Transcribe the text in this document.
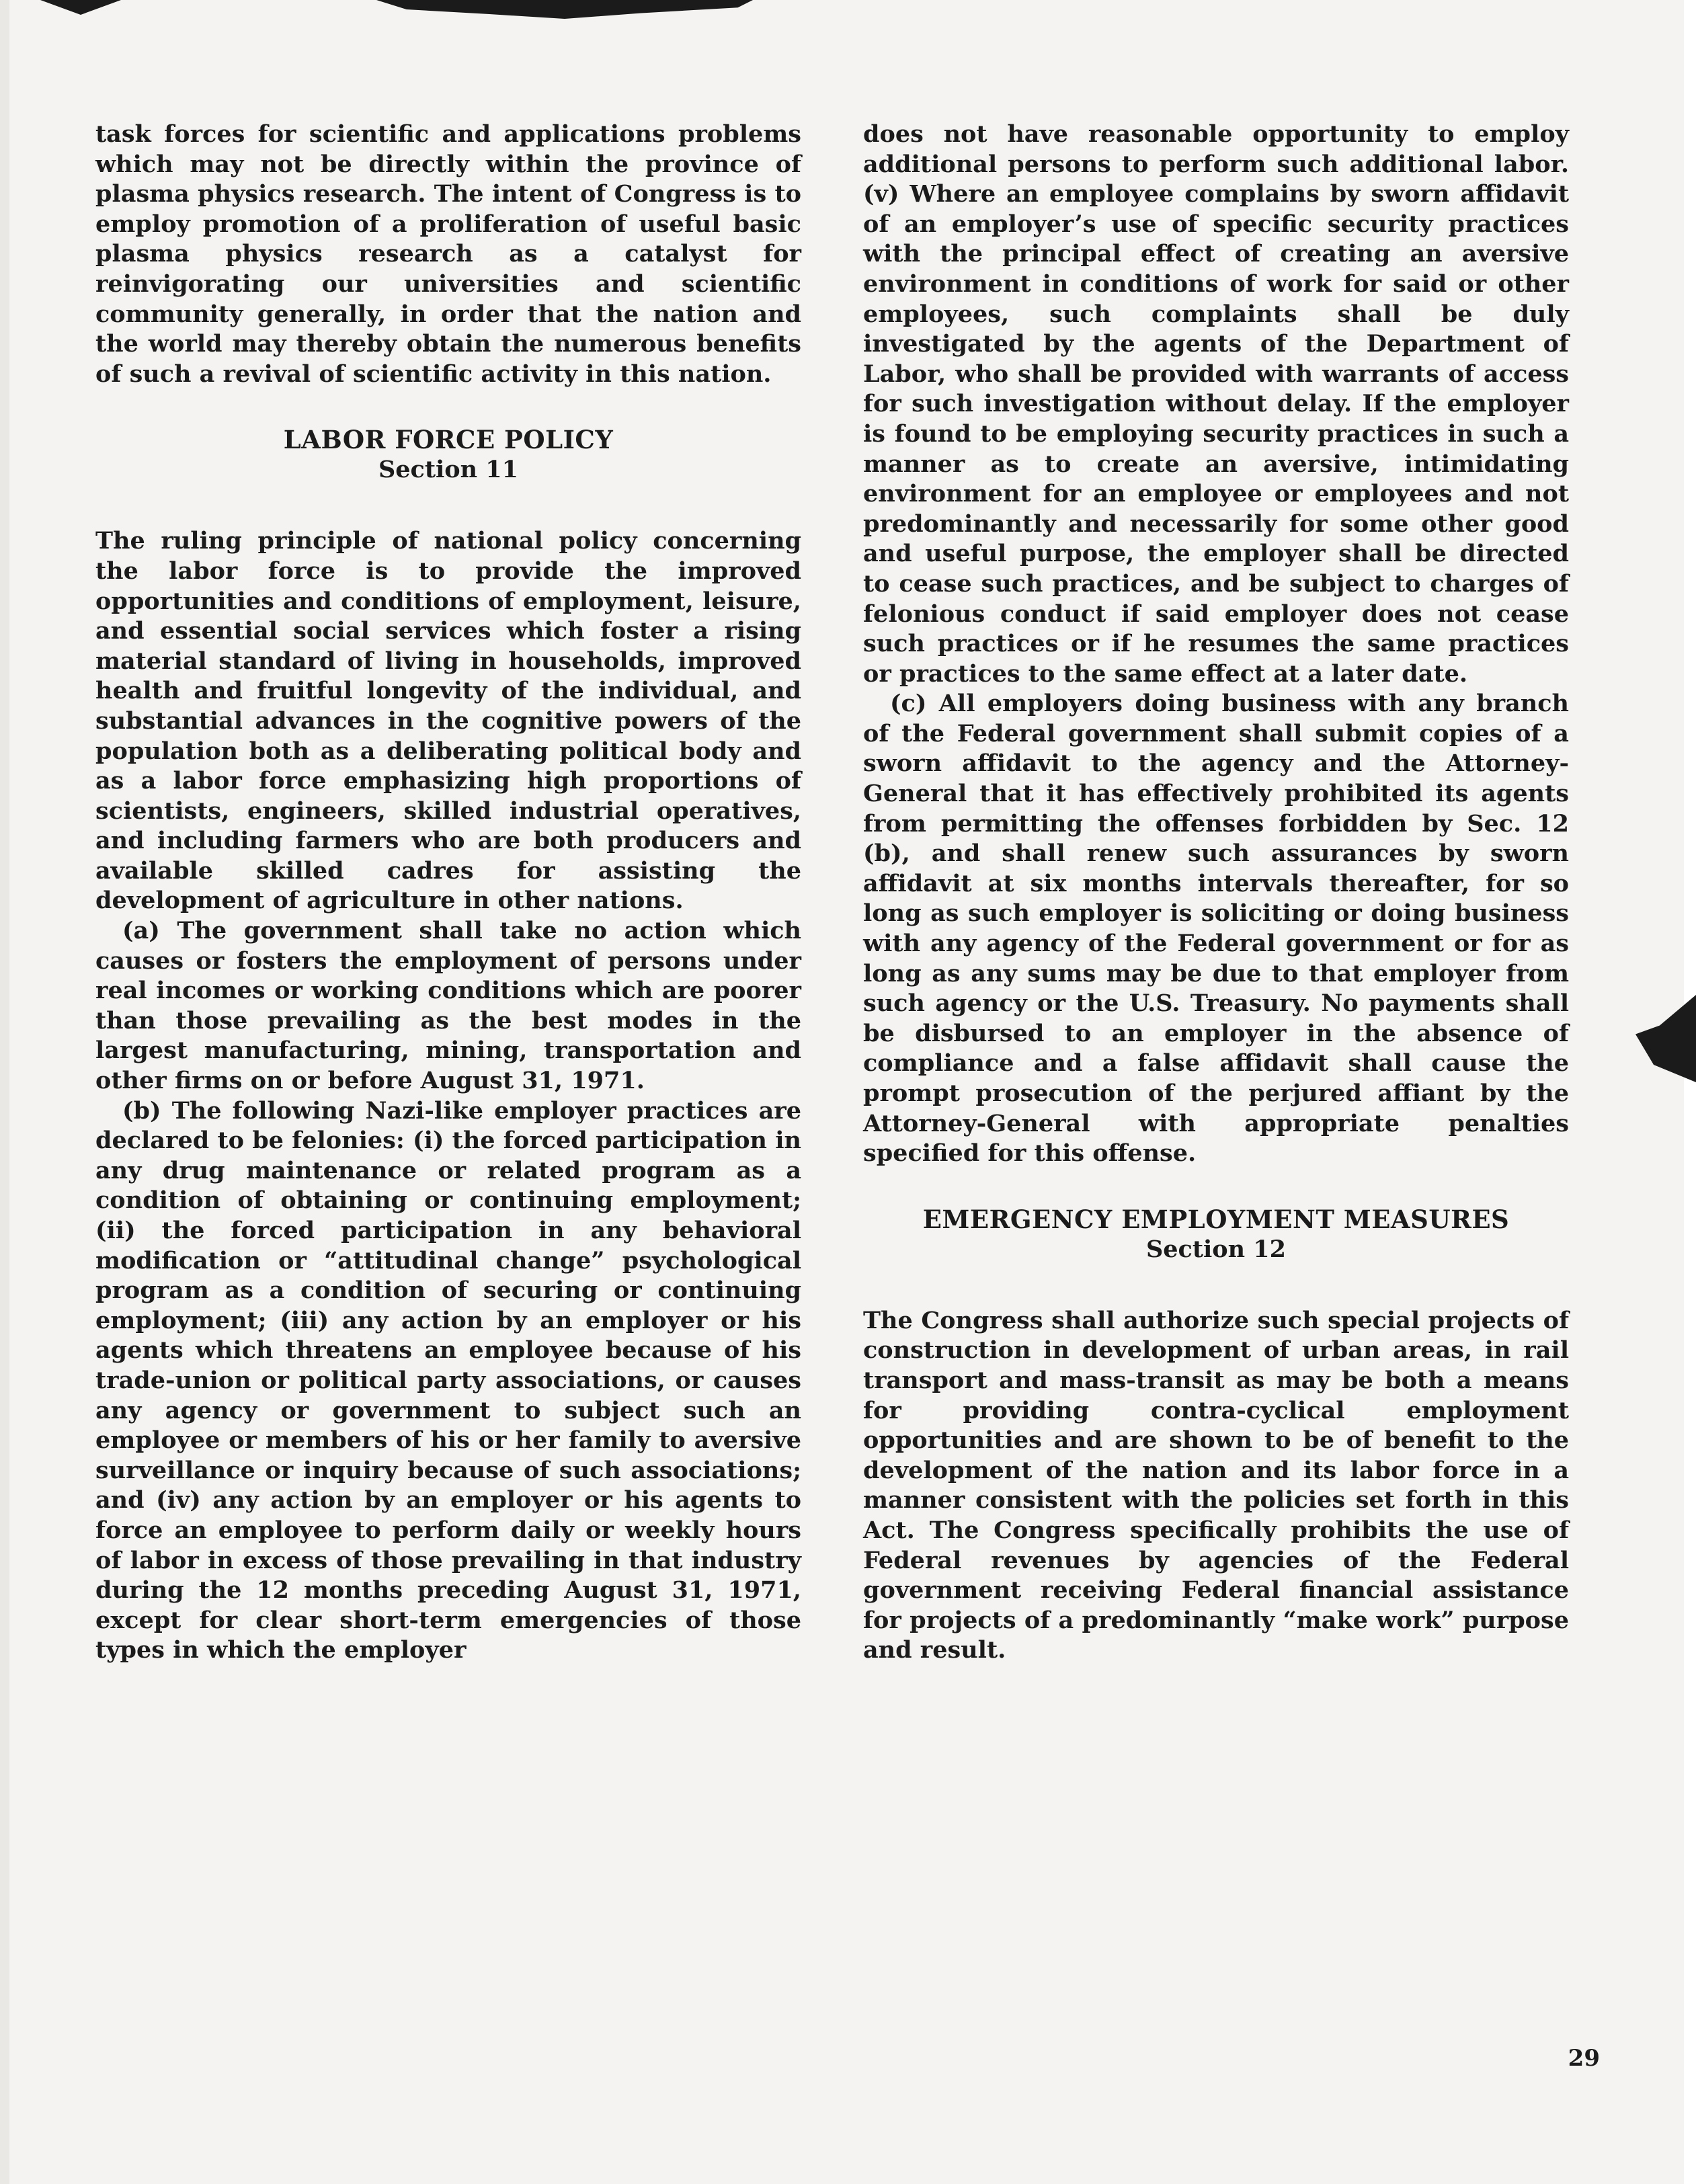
task forces for scientific and applications problems which may not be directly within the province of plasma physics research. The intent of Congress is to employ promotion of a proliferation of useful basic plasma physics research as a catalyst for reinvigorating our universities and scientific community generally, in order that the nation and the world may thereby obtain the numerous benefits of such a revival of scientific activity in this nation.

LABOR FORCE POLICY
Section 11

The ruling principle of national policy concerning the labor force is to provide the improved opportunities and conditions of employment, leisure, and essential social services which foster a rising material standard of living in households, improved health and fruitful longevity of the individual, and substantial advances in the cognitive powers of the population both as a deliberating political body and as a labor force emphasizing high proportions of scientists, engineers, skilled industrial operatives, and including farmers who are both producers and available skilled cadres for assisting the development of agriculture in other nations.

(a) The government shall take no action which causes or fosters the employment of persons under real incomes or working conditions which are poorer than those prevailing as the best modes in the largest manufacturing, mining, transportation and other firms on or before August 31, 1971.

(b) The following Nazi-like employer practices are declared to be felonies: (i) the forced participation in any drug maintenance or related program as a condition of obtaining or continuing employment; (ii) the forced participation in any behavioral modification or “attitudinal change” psychological program as a condition of securing or continuing employment; (iii) any action by an employer or his agents which threatens an employee because of his trade-union or political party associations, or causes any agency or government to subject such an employee or members of his or her family to aversive surveillance or inquiry because of such associations; and (iv) any action by an employer or his agents to force an employee to perform daily or weekly hours of labor in excess of those prevailing in that industry during the 12 months preceding August 31, 1971, except for clear short-term emergencies of those types in which the employer

does not have reasonable opportunity to employ additional persons to perform such additional labor. (v) Where an employee complains by sworn affidavit of an employer’s use of specific security practices with the principal effect of creating an aversive environment in conditions of work for said or other employees, such complaints shall be duly investigated by the agents of the Department of Labor, who shall be provided with warrants of access for such investigation without delay. If the employer is found to be employing security practices in such a manner as to create an aversive, intimidating environment for an employee or employees and not predominantly and necessarily for some other good and useful purpose, the employer shall be directed to cease such practices, and be subject to charges of felonious conduct if said employer does not cease such practices or if he resumes the same practices or practices to the same effect at a later date.

(c) All employers doing business with any branch of the Federal government shall submit copies of a sworn affidavit to the agency and the Attorney-General that it has effectively prohibited its agents from permitting the offenses forbidden by Sec. 12 (b), and shall renew such assurances by sworn affidavit at six months intervals thereafter, for so long as such employer is soliciting or doing business with any agency of the Federal government or for as long as any sums may be due to that employer from such agency or the U.S. Treasury. No payments shall be disbursed to an employer in the absence of compliance and a false affidavit shall cause the prompt prosecution of the perjured affiant by the Attorney-General with appropriate penalties specified for this offense.

EMERGENCY EMPLOYMENT MEASURES
Section 12

The Congress shall authorize such special projects of construction in development of urban areas, in rail transport and mass-transit as may be both a means for providing contra-cyclical employment opportunities and are shown to be of benefit to the development of the nation and its labor force in a manner consistent with the policies set forth in this Act. The Congress specifically prohibits the use of Federal revenues by agencies of the Federal government receiving Federal financial assistance for projects of a predominantly “make work” purpose and result.

29
